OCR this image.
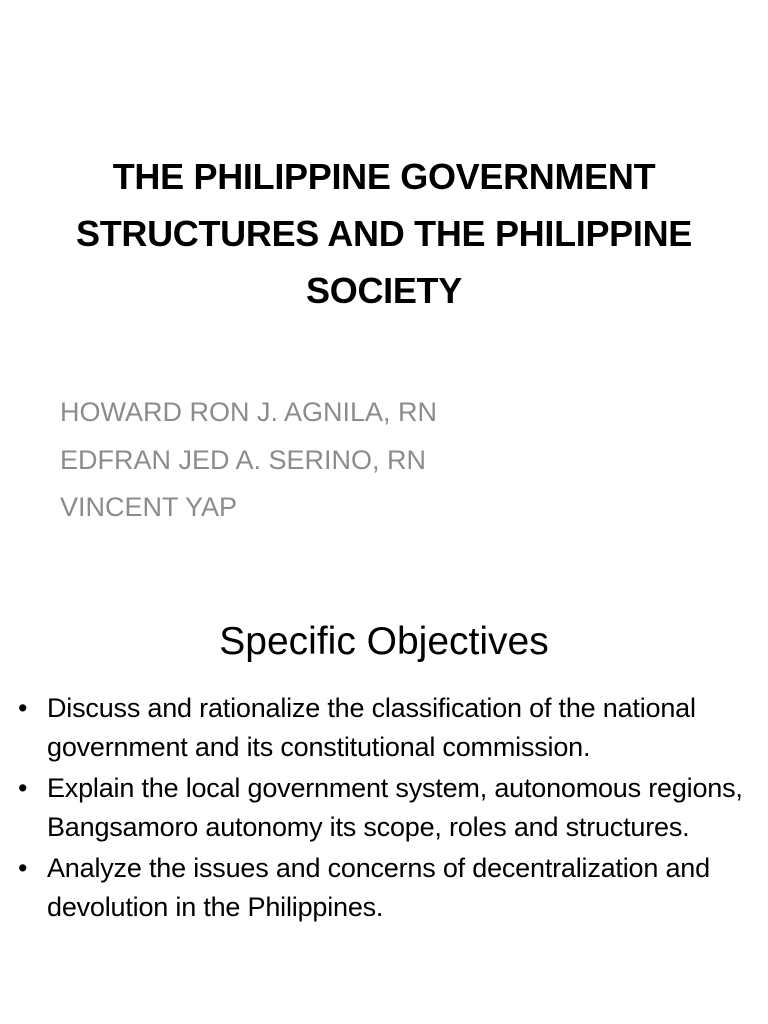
THE PHILIPPINE GOVERNMENT
STRUCTURES AND THE PHILIPPINE
SOCIETY
HOWARD RON J. AGNILA, RN
EDFRAN JED A. SERINO, RN
VINCENT YAP
Specific Objectives
• Discuss and rationalize the classification of the national government and its constitutional commission.
• Explain the local government system, autonomous regions, Bangsamoro autonomy its scope, roles and structures.
• Analyze the issues and concerns of decentralization and devolution in the Philippines.
